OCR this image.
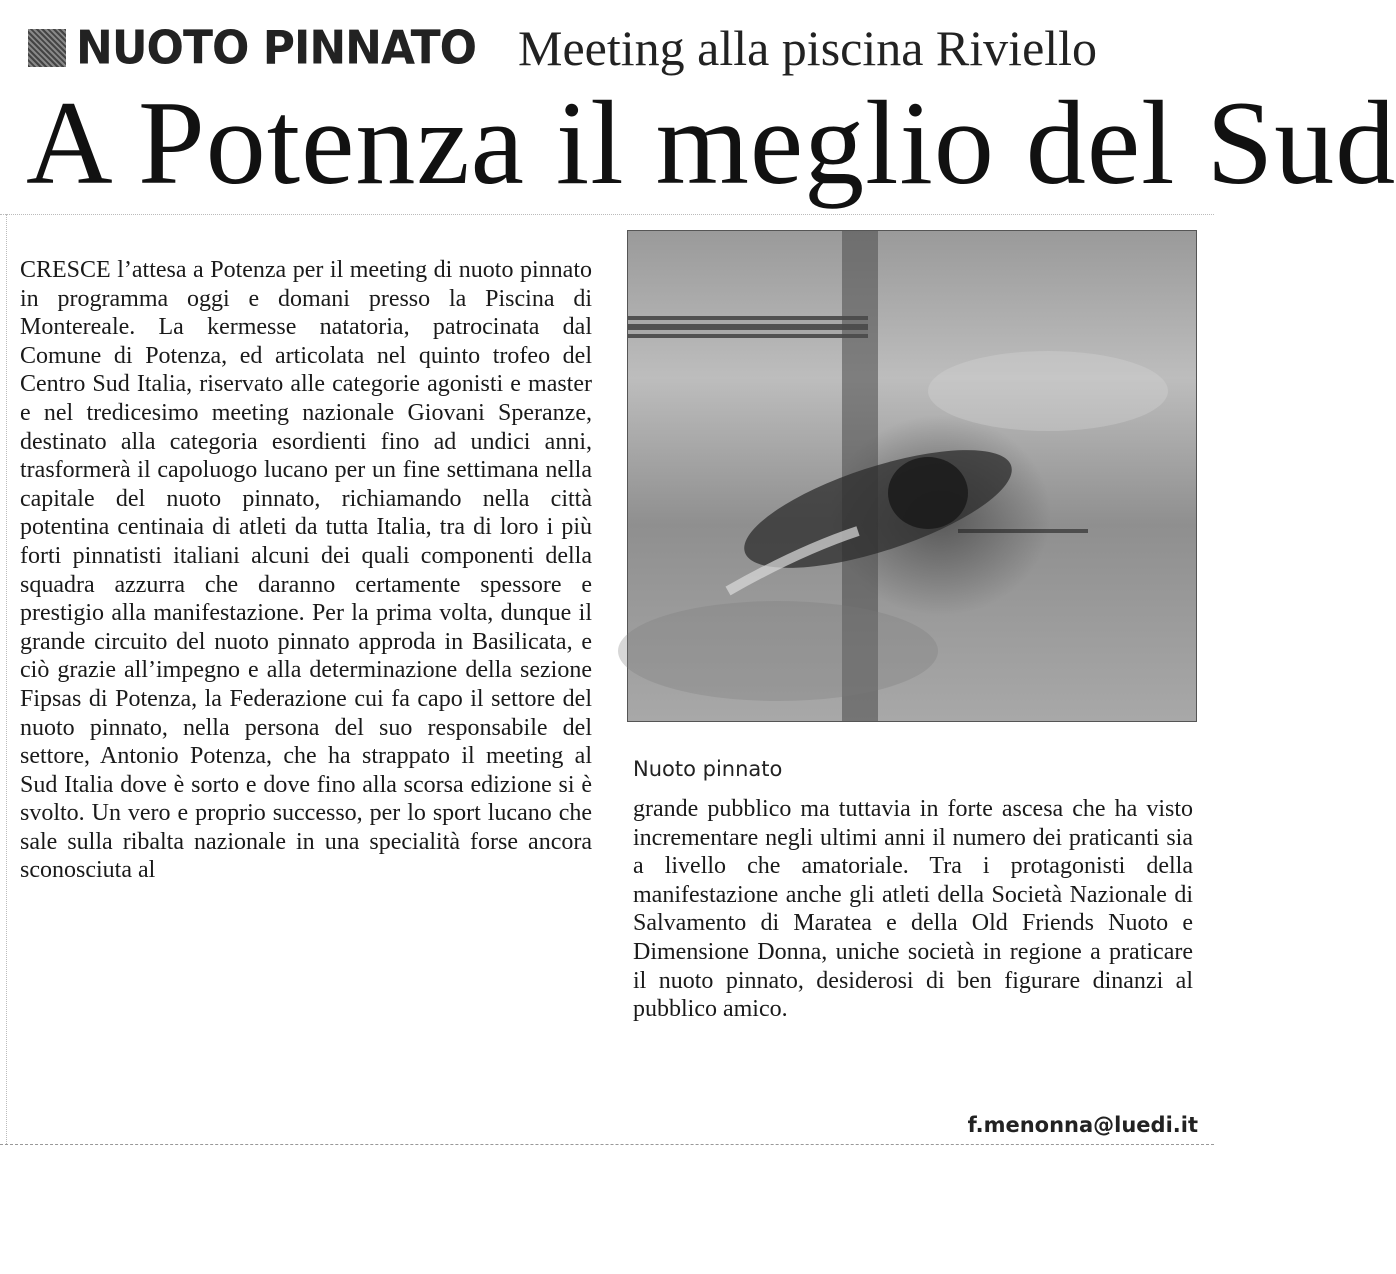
NUOTO PINNATO Meeting alla piscina Riviello
A Potenza il meglio del Sud

CRESCE l’attesa a Potenza per il meeting di nuoto pinnato in programma oggi e domani presso la Piscina di Montereale. La kermesse natatoria, patrocinata dal Comune di Potenza, ed articolata nel quinto trofeo del Centro Sud Italia, riservato alle categorie agonisti e master e nel tredicesimo meeting nazionale Giovani Speranze, destinato alla categoria esordienti fino ad undici anni, trasformerà il capoluogo lucano per un fine settimana nella capitale del nuoto pinnato, richiamando nella città potentina centinaia di atleti da tutta Italia, tra di loro i più forti pinnatisti italiani alcuni dei quali componenti della squadra azzurra che daranno certamente spessore e prestigio alla manifestazione. Per la prima volta, dunque il grande circuito del nuoto pinnato approda in Basilicata, e ciò grazie all’impegno e alla determinazione della sezione Fipsas di Potenza, la Federazione cui fa capo il settore del nuoto pinnato, nella persona del suo responsabile del settore, Antonio Potenza, che ha strappato il meeting al Sud Italia dove è sorto e dove fino alla scorsa edizione si è svolto. Un vero e proprio successo, per lo sport lucano che sale sulla ribalta nazionale in una specialità forse ancora sconosciuta al

Nuoto pinnato

grande pubblico ma tuttavia in forte ascesa che ha visto incrementare negli ultimi anni il numero dei praticanti sia a livello che amatoriale. Tra i protagonisti della manifestazione anche gli atleti della Società Nazionale di Salvamento di Maratea e della Old Friends Nuoto e Dimensione Donna, uniche società in regione a praticare il nuoto pinnato, desiderosi di ben figurare dinanzi al pubblico amico.

f.menonna@luedi.it
